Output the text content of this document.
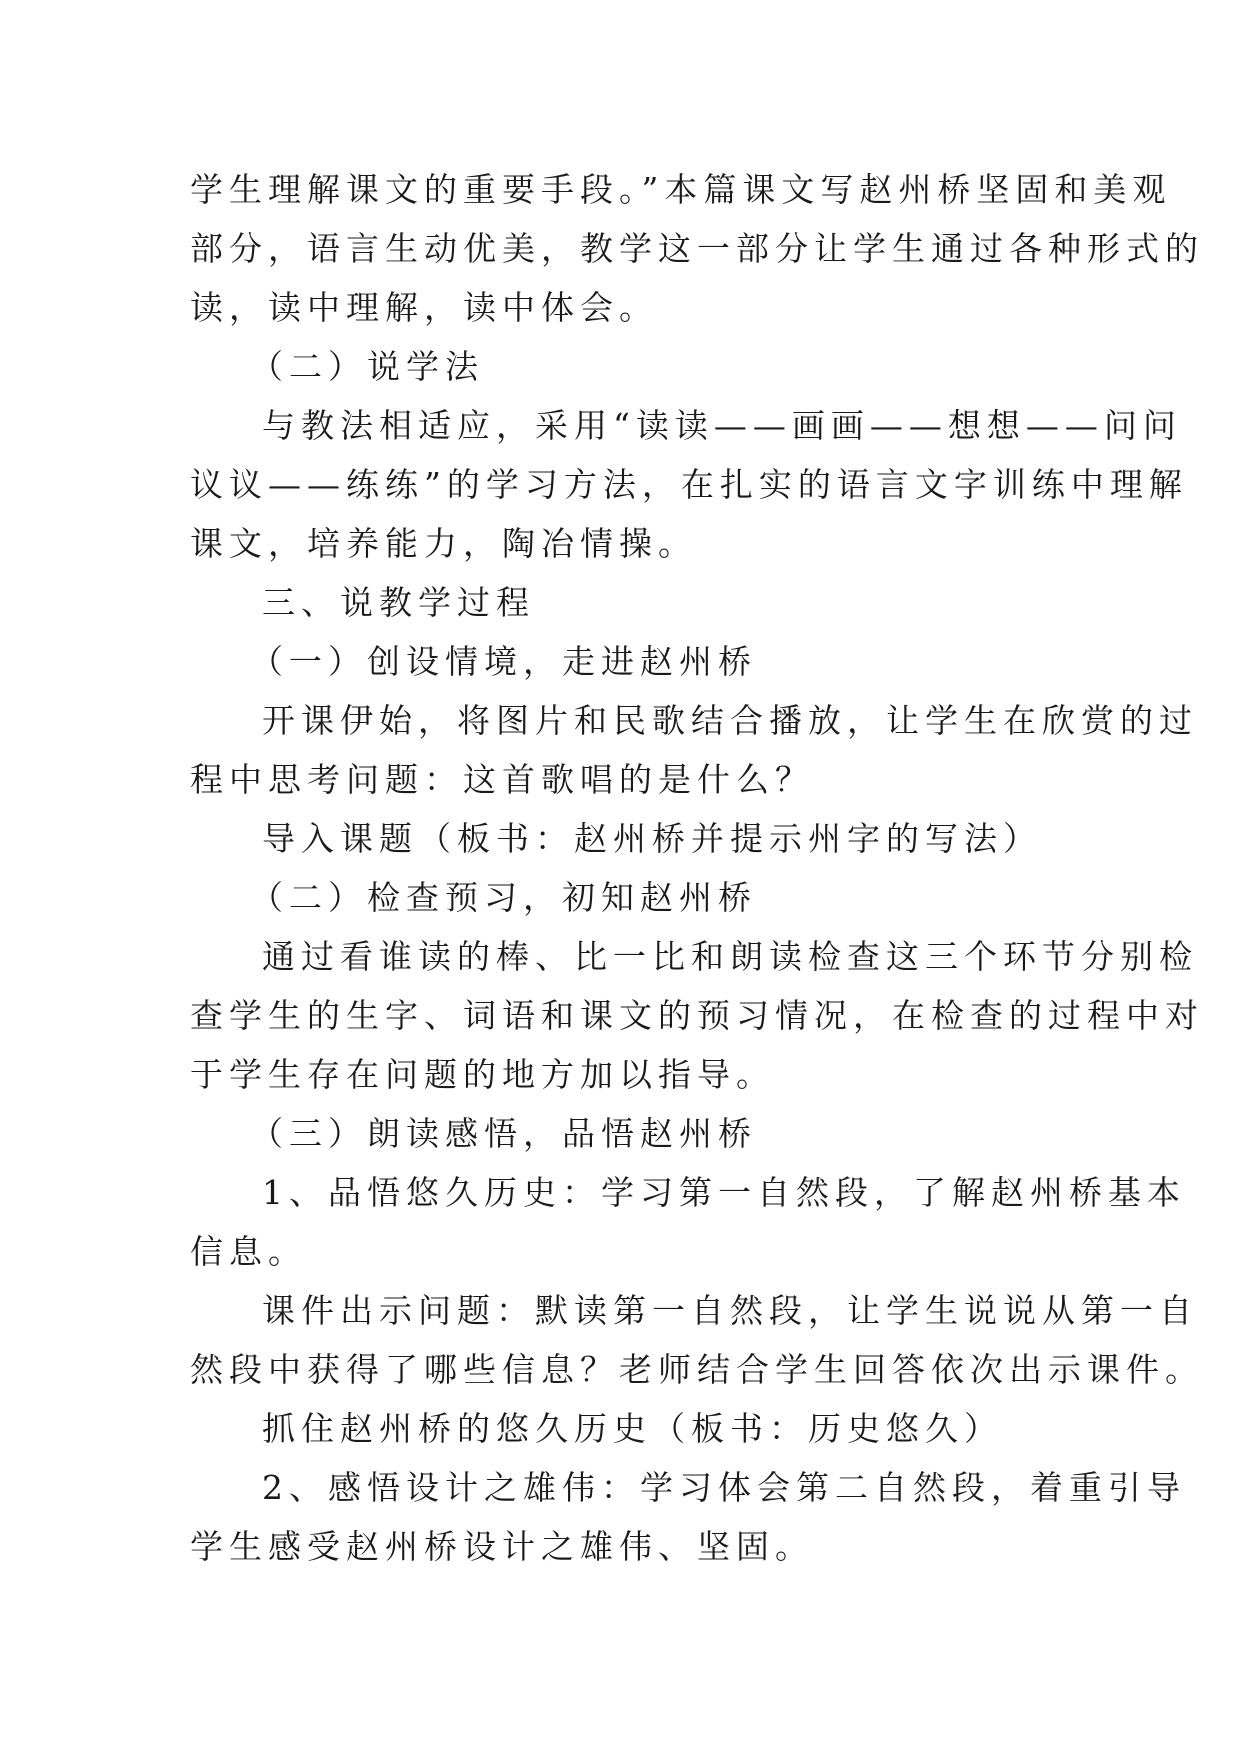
学生理解课文的重要手段。”本篇课文写赵州桥坚固和美观
部分，语言生动优美，教学这一部分让学生通过各种形式的
读，读中理解，读中体会。
（二）说学法
与教法相适应，采用“读读——画画——想想——问问
议议——练练”的学习方法，在扎实的语言文字训练中理解
课文，培养能力，陶冶情操。
三、说教学过程
（一）创设情境，走进赵州桥
开课伊始，将图片和民歌结合播放，让学生在欣赏的过
程中思考问题：这首歌唱的是什么？
导入课题（板书：赵州桥并提示州字的写法）
（二）检查预习，初知赵州桥
通过看谁读的棒、比一比和朗读检查这三个环节分别检
查学生的生字、词语和课文的预习情况，在检查的过程中对
于学生存在问题的地方加以指导。
（三）朗读感悟，品悟赵州桥
1、品悟悠久历史：学习第一自然段，了解赵州桥基本
信息。
课件出示问题：默读第一自然段，让学生说说从第一自
然段中获得了哪些信息？老师结合学生回答依次出示课件。
抓住赵州桥的悠久历史（板书：历史悠久）
2、感悟设计之雄伟：学习体会第二自然段，着重引导
学生感受赵州桥设计之雄伟、坚固。
